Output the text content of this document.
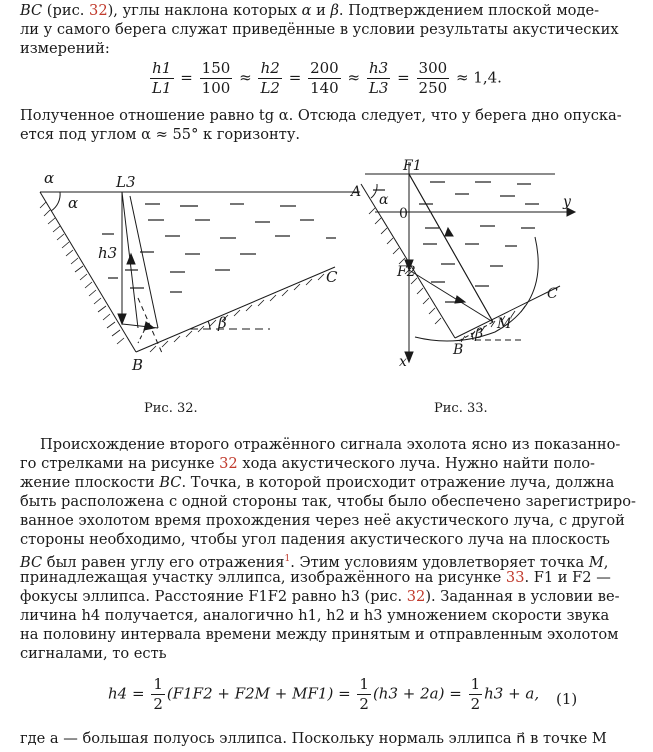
BC (рис. 32), углы наклона которых α и β. Подтверждением плоской моде-
ли у самого берега служат приведённые в условии результаты акустических
измерений:
$\frac{h1}{L1} = \frac{150}{100} \approx \frac{h2}{L2} = \frac{200}{140} \approx \frac{h3}{L3} = \frac{300}{250} \approx 1,4$.
Полученное отношение равно tg α. Отсюда следует, что у берега дно опуска-
ется под углом α ≈ 55° к горизонту.
α
α
L3
h3
B
C
β
F1
F2
A α
0
y
x
M
C
B
β
Рис. 32.	Рис. 33.
Происхождение второго отражённого сигнала эхолота ясно из показанно-
го стрелками на рисунке 32 хода акустического луча. Нужно найти поло-
жение плоскости BC. Точка, в которой происходит отражение луча, должна
быть расположена с одной стороны так, чтобы было обеспечено зарегистриро-
ванное эхолотом время прохождения через неё акустического луча, с другой
стороны необходимо, чтобы угол падения акустического луча на плоскость
BC был равен углу его отражения$^1$. Этим условиям удовлетворяет точка M,
принадлежащая участку эллипса, изображённого на рисунке 33. F1 и F2 —
фокусы эллипса. Расстояние F1F2 равно h3 (рис. 32). Заданная в условии ве-
личина h4 получается, аналогично h1, h2 и h3 умножением скорости звука
на половину интервала времени между принятым и отправленным эхолотом
сигналами, то есть
$h4 = \frac{1}{2} (F1F2 + F2M + MF1) = \frac{1}{2} (h3 + 2a) = \frac{1}{2} h3 + a$, (1)
где a — большая полуось эллипса. Поскольку нормаль эллипса n⃗ в точке M
